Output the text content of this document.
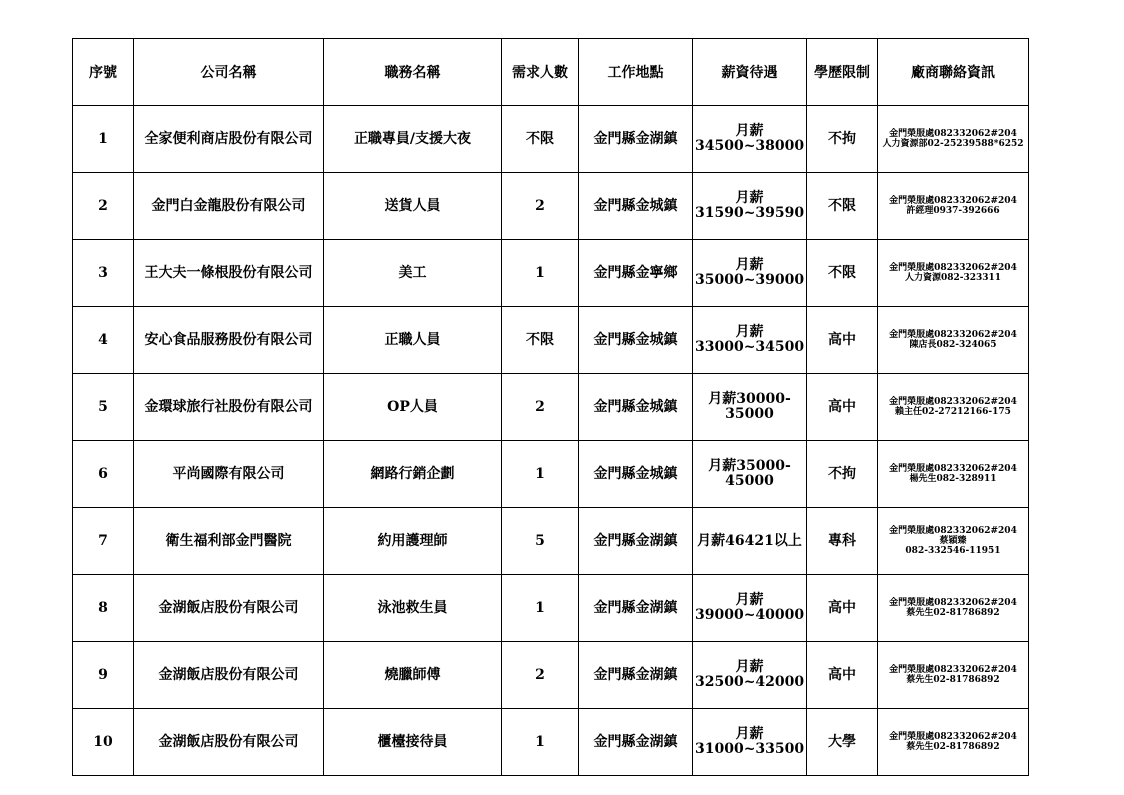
序號	公司名稱	職務名稱	需求人數	工作地點	薪資待遇	學歷限制	廠商聯絡資訊
1	全家便利商店股份有限公司	正職專員/支援大夜	不限	金門縣金湖鎮	月薪
34500~38000	不拘	金門榮服處082332062#204
人力資源部02-25239588*6252

2	金門白金龍股份有限公司	送貨人員	2	金門縣金城鎮	月薪
31590~39590	不限	金門榮服處082332062#204
許經理0937-392666

3	王大夫一條根股份有限公司	美工	1	金門縣金寧鄉	月薪
35000~39000	不限	金門榮服處082332062#204
人力資源082-323311

4	安心食品服務股份有限公司	正職人員	不限	金門縣金城鎮	月薪
33000~34500	高中	金門榮服處082332062#204
陳店長082-324065

5	金環球旅行社股份有限公司	OP人員	2	金門縣金城鎮	月薪30000-
35000	高中	金門榮服處082332062#204
賴主任02-27212166-175

6	平尚國際有限公司	網路行銷企劃	1	金門縣金城鎮	月薪35000-
45000	不拘	金門榮服處082332062#204
楊先生082-328911

7	衛生福利部金門醫院	約用護理師	5	金門縣金湖鎮	月薪46421以上	專科	金門榮服處082332062#204
蔡穎臻
082-332546-11951

8	金湖飯店股份有限公司	泳池救生員	1	金門縣金湖鎮	月薪
39000~40000	高中	金門榮服處082332062#204
蔡先生02-81786892

9	金湖飯店股份有限公司	燒臘師傅	2	金門縣金湖鎮	月薪
32500~42000	高中	金門榮服處082332062#204
蔡先生02-81786892

10	金湖飯店股份有限公司	櫃檯接待員	1	金門縣金湖鎮	月薪
31000~33500	大學	金門榮服處082332062#204
蔡先生02-81786892
